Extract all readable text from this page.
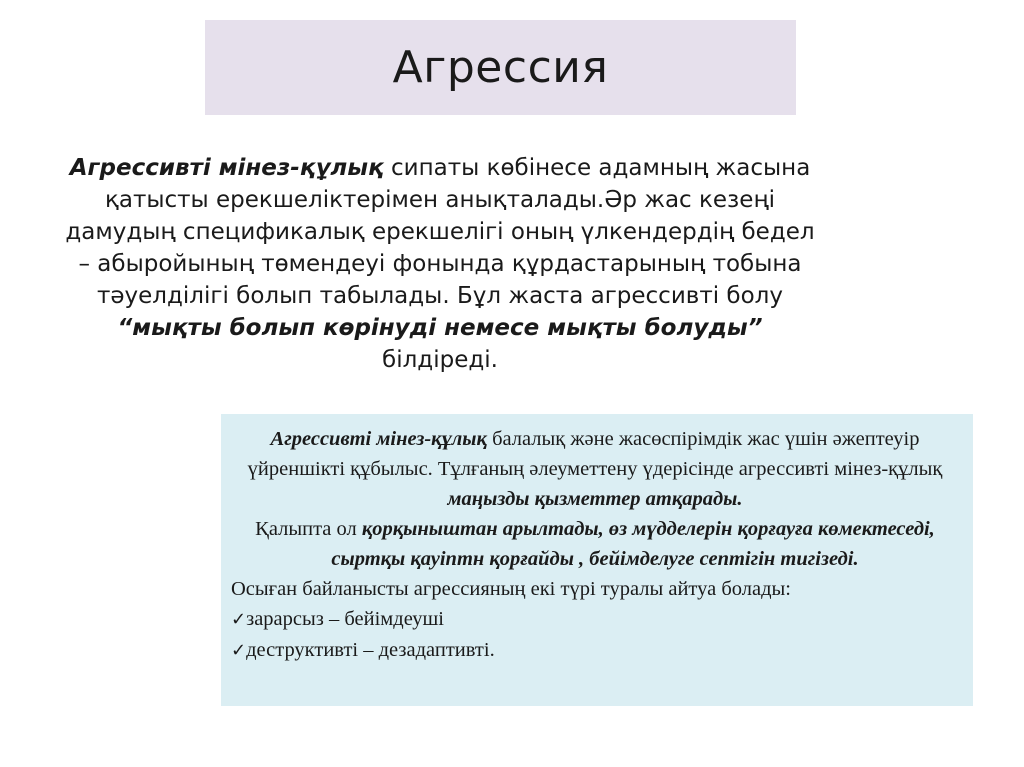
Агрессия

Агрессивті мінез-құлық сипаты көбінесе адамның жасына қатысты ерекшеліктерімен анықталады.Әр жас кезеңі дамудың спецификалық ерекшелігі оның үлкендердің бедел – абыройының төмендеуі фонында құрдастарының тобына тәуелділігі болып табылады. Бұл жаста агрессивті болу “мықты болып көрінуді немесе мықты болуды” білдіреді.

Агрессивті мінез-құлық балалық және жасөспірімдік жас үшін әжептеуір үйреншікті құбылыс. Тұлғаның әлеуметтену үдерісінде агрессивті мінез-құлық маңызды қызметтер атқарады.
Қалыпта ол қорқыныштан арылтады, өз мүдделерін қорғауға көмектеседі, сыртқы қауіптн қорғайды , бейімделуге септігін тигізеді.
Осыған байланысты агрессияның екі түрі туралы айтуа болады:
✓зарарсыз – бейімдеуші
✓деструктивті – дезадаптивті.
